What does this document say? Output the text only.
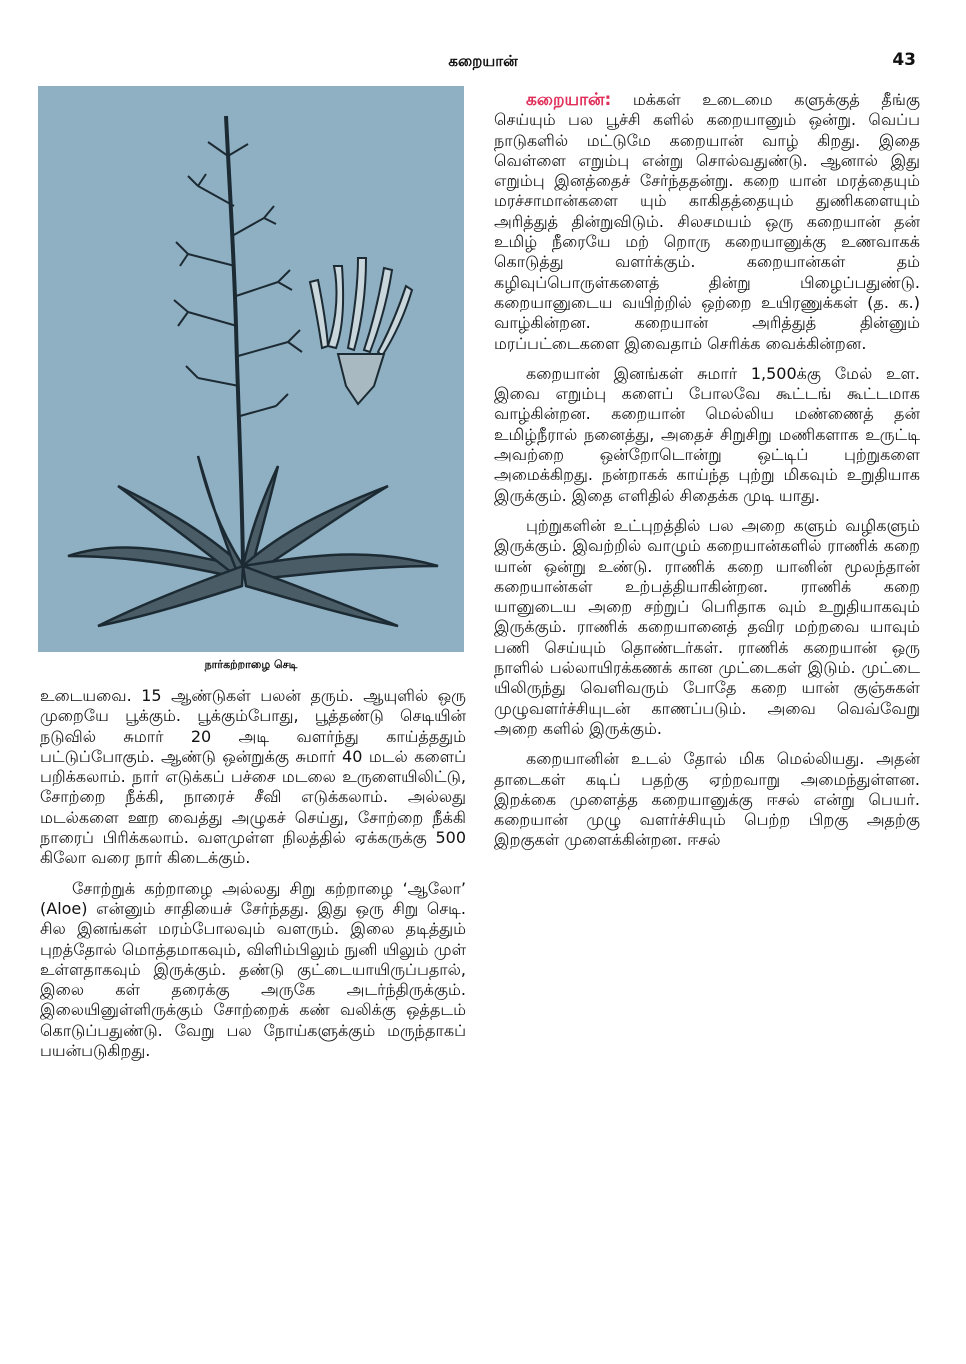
கறையான்	43
நார்கற்றாழை செடி

உடையவை. 15 ஆண்டுகள் பலன் தரும். ஆயுளில் ஒரு முறையே பூக்கும். பூக்கும்போது, பூத்தண்டு செடியின் நடுவில் சுமார் 20 அடி வளர்ந்து காய்த்ததும் பட்டுப்போகும். ஆண்டு ஒன்றுக்கு சுமார் 40 மடல் களைப் பறிக்கலாம். நார் எடுக்கப் பச்சை மடலை உருளையிலிட்டு, சோற்றை நீக்கி, நாரைச் சீவி எடுக்கலாம். அல்லது மடல்களை ஊற வைத்து அழுகச் செய்து, சோற்றை நீக்கி நாரைப் பிரிக்கலாம். வளமுள்ள நிலத்தில் ஏக்கருக்கு 500 கிலோ வரை நார் கிடைக்கும்.

சோற்றுக் கற்றாழை அல்லது சிறு கற்றாழை ‘ஆலோ’ (Aloe) என்னும் சாதியைச் சேர்ந்தது. இது ஒரு சிறு செடி. சில இனங்கள் மரம்போலவும் வளரும். இலை தடித்தும் புறத்தோல் மொத்தமாகவும், விளிம்பிலும் நுனி யிலும் முள் உள்ளதாகவும் இருக்கும். தண்டு குட்டையாயிருப்பதால், இலை கள் தரைக்கு அருகே அடர்ந்திருக்கும். இலையினுள்ளிருக்கும் சோற்றைக் கண் வலிக்கு ஒத்தடம் கொடுப்பதுண்டு. வேறு பல நோய்களுக்கும் மருந்தாகப் பயன்படுகிறது.

கறையான்: மக்கள் உடைமை களுக்குத் தீங்கு செய்யும் பல பூச்சி களில் கறையானும் ஒன்று. வெப்ப நாடுகளில் மட்டுமே கறையான் வாழ் கிறது. இதை வெள்ளை எறும்பு என்று சொல்வதுண்டு. ஆனால் இது எறும்பு இனத்தைச் சேர்ந்ததன்று. கறை யான் மரத்தையும் மரச்சாமான்களை யும் காகிதத்தையும் துணிகளையும் அரித்துத் தின்றுவிடும். சிலசமயம் ஒரு கறையான் தன் உமிழ் நீரையே மற் றொரு கறையானுக்கு உணவாகக் கொடுத்து வளர்க்கும். கறையான்கள் தம் கழிவுப்பொருள்களைத் தின்று பிழைப்பதுண்டு. கறையானுடைய வயிற்றில் ஒற்றை உயிரணுக்கள் (த. க.) வாழ்கின்றன. கறையான் அரித்துத் தின்னும் மரப்பட்டைகளை இவைதாம் செரிக்க வைக்கின்றன.

கறையான் இனங்கள் சுமார் 1,500க்கு மேல் உள. இவை எறும்பு களைப் போலவே கூட்டங் கூட்டமாக வாழ்கின்றன. கறையான் மெல்லிய மண்ணைத் தன் உமிழ்நீரால் நனைத்து, அதைச் சிறுசிறு மணிகளாக உருட்டி அவற்றை ஒன்றோடொன்று ஒட்டிப் புற்றுகளை அமைக்கிறது. நன்றாகக் காய்ந்த புற்று மிகவும் உறுதியாக இருக்கும். இதை எளிதில் சிதைக்க முடி யாது.

புற்றுகளின் உட்புறத்தில் பல அறை களும் வழிகளும் இருக்கும். இவற்றில் வாழும் கறையான்களில் ராணிக் கறை யான் ஒன்று உண்டு. ராணிக் கறை யானின் மூலந்தான் கறையான்கள் உற்பத்தியாகின்றன. ராணிக் கறை யானுடைய அறை சற்றுப் பெரிதாக வும் உறுதியாகவும் இருக்கும். ராணிக் கறையானைத் தவிர மற்றவை யாவும் பணி செய்யும் தொண்டர்கள். ராணிக் கறையான் ஒரு நாளில் பல்லாயிரக்கணக் கான முட்டைகள் இடும். முட்டை யிலிருந்து வெளிவரும் போதே கறை யான் குஞ்சுகள் முழுவளர்ச்சியுடன் காணப்படும். அவை வெவ்வேறு அறை களில் இருக்கும்.

கறையானின் உடல் தோல் மிக மெல்லியது. அதன் தாடைகள் கடிப் பதற்கு ஏற்றவாறு அமைந்துள்ளன. இறக்கை முளைத்த கறையானுக்கு ஈசல் என்று பெயர். கறையான் முழு வளர்ச்சியும் பெற்ற பிறகு அதற்கு இறகுகள் முளைக்கின்றன. ஈசல்
